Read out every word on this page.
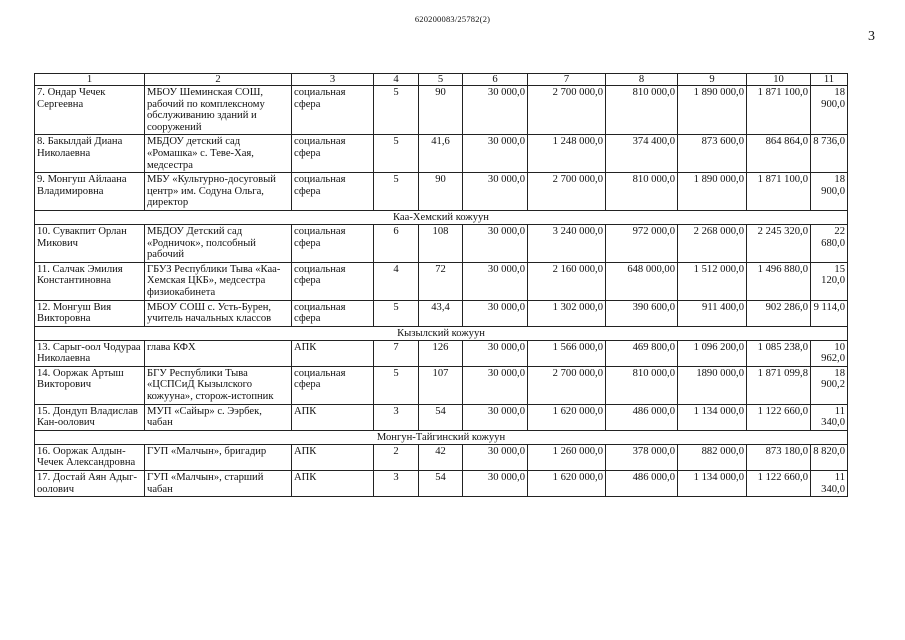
620200083/25782(2)
3
1	2	3	4	5	6	7	8	9	10	11
7. Ондар Чечек Сергеевна	МБОУ Шеминская СОШ, рабочий по комплексному обслуживанию зданий и сооружений	социальная сфера	5	90	30 000,0	2 700 000,0	810 000,0	1 890 000,0	1 871 100,0	18 900,0
8. Бакылдай Диана Николаевна	МБДОУ детский сад «Ромашка» с. Теве-Хая, медсестра	социальная сфера	5	41,6	30 000,0	1 248 000,0	374 400,0	873 600,0	864 864,0	8 736,0
9. Монгуш Айлаана Владимировна	МБУ «Культурно-досуговый центр» им. Содуна Ольга, директор	социальная сфера	5	90	30 000,0	2 700 000,0	810 000,0	1 890 000,0	1 871 100,0	18 900,0
Каа-Хемский кожуун										
10. Сувакпит Орлан Микович	МБДОУ Детский сад «Родничок», полсобный рабочий	социальная сфера	6	108	30 000,0	3 240 000,0	972 000,0	2 268 000,0	2 245 320,0	22 680,0
11. Салчак Эмилия Константиновна	ГБУЗ Республики Тыва «Каа-Хемская ЦКБ», медсестра физиокабинета	социальная сфера	4	72	30 000,0	2 160 000,0	648 000,00	1 512 000,0	1 496 880,0	15 120,0
12. Монгуш Вия Викторовна	МБОУ СОШ с. Усть-Бурен, учитель начальных классов	социальная сфера	5	43,4	30 000,0	1 302 000,0	390 600,0	911 400,0	902 286,0	9 114,0
Кызылский кожуун										
13. Сарыг-оол Чодураа Николаевна	глава КФХ	АПК	7	126	30 000,0	1 566 000,0	469 800,0	1 096 200,0	1 085 238,0	10 962,0
14. Ооржак Артыш Викторович	БГУ Республики Тыва «ЦСПСиД Кызылского кожууна», сторож-истопник	социальная сфера	5	107	30 000,0	2 700 000,0	810 000,0	1890 000,0	1 871 099,8	18 900,2
15. Дондуп Владислав Кан-оолович	МУП «Сайыр» с. Ээрбек, чабан	АПК	3	54	30 000,0	1 620 000,0	486 000,0	1 134 000,0	1 122 660,0	11 340,0
Монгун-Тайгинский кожуун										
16. Ооржак Алдын-Чечек Александровна	ГУП «Малчын», бригадир	АПК	2	42	30 000,0	1 260 000,0	378 000,0	882 000,0	873 180,0	8 820,0
17. Достай Аян Адыг-оолович	ГУП «Малчын», старший чабан	АПК	3	54	30 000,0	1 620 000,0	486 000,0	1 134 000,0	1 122 660,0	11 340,0
